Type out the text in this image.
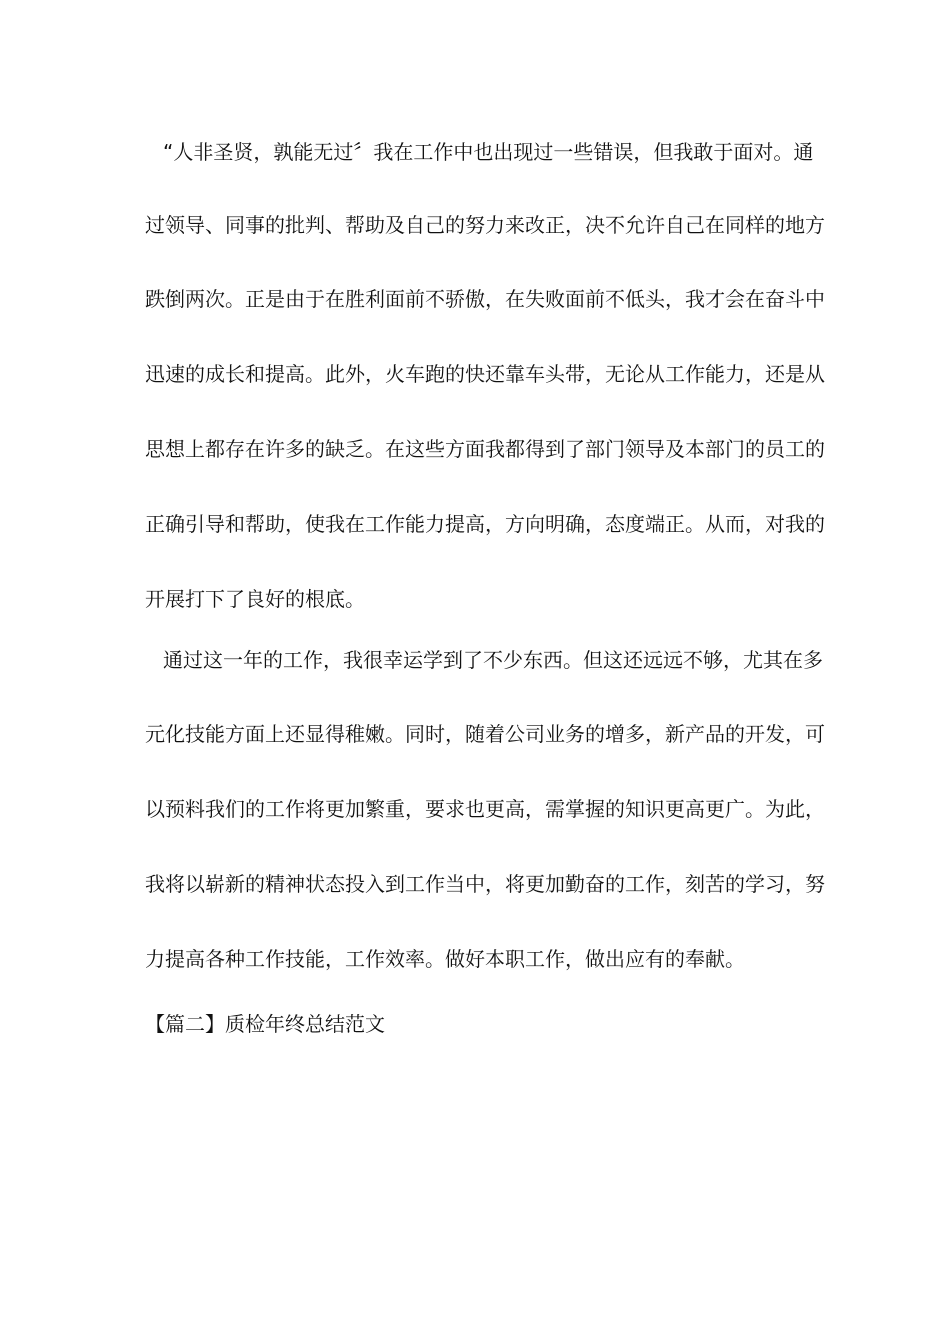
“人非圣贤，孰能无过〞我在工作中也出现过一些错误，但我敢于面对。通
过领导、同事的批判、帮助及自己的努力来改正，决不允许自己在同样的地方
跌倒两次。正是由于在胜利面前不骄傲，在失败面前不低头，我才会在奋斗中
迅速的成长和提高。此外，火车跑的快还靠车头带，无论从工作能力，还是从
思想上都存在许多的缺乏。在这些方面我都得到了部门领导及本部门的员工的
正确引导和帮助，使我在工作能力提高，方向明确，态度端正。从而，对我的
开展打下了良好的根底。
通过这一年的工作，我很幸运学到了不少东西。但这还远远不够，尤其在多
元化技能方面上还显得稚嫩。同时，随着公司业务的增多，新产品的开发，可
以预料我们的工作将更加繁重，要求也更高，需掌握的知识更高更广。为此，
我将以崭新的精神状态投入到工作当中，将更加勤奋的工作，刻苦的学习，努
力提高各种工作技能，工作效率。做好本职工作，做出应有的奉献。
【篇二】质检年终总结范文
